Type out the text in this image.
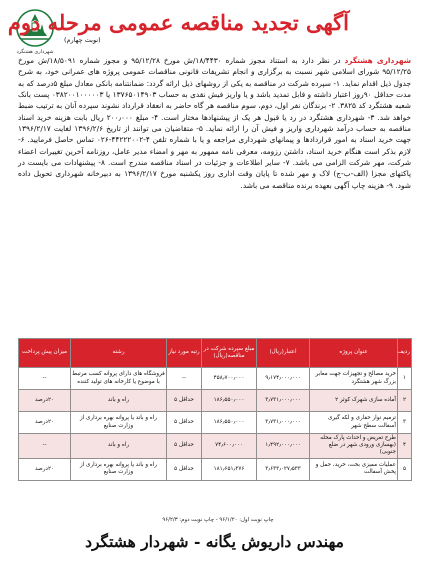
شهرداری هشتگرد
آگهی تجدید مناقصه عمومی مرحله دوم
(نوبت چهارم)

شهرداری هشتگرد در نظر دارد به استناد مجوز شماره ۱۸/۴۴۳۰/ش مورخ ۹۵/۱۲/۲۸ و مجوز شماره ۱۸/۵۰۹۱/ش مورخ ۹۵/۱۲/۲۵ شورای اسلامی شهر نسبت به برگزاری و انجام تشریفات قانونی مناقصات عمومی پروژه های عمرانی خود، به شرح جدول ذیل اقدام نماید. ۱- سپرده شرکت در مناقصه به یکی از روشهای ذیل ارائه گردد: ضمانتنامه بانکی معادل مبلغ ۵درصد که به مدت حداقل ۹۰روز اعتبار داشته و قابل تمدید باشد و یا واریز فیش نقدی به حساب ۱۳۷۶۵۰۱۴۹۰۳ یا ۰۳۸۲۰۰۱۰۰۰۰۰۳ پست بانک شعبه هشتگرد کد ۳۸۲۵. ۲- برندگان نفر اول، دوم، سوم مناقصه هر گاه حاضر به انعقاد قرارداد نشوند سپرده آنان به ترتیب ضبط خواهد شد. ۳- شهرداری هشتگرد در رد یا قبول هر یک از پیشنهادها مختار است. ۴- مبلغ ۲۰۰٫۰۰۰ ریال بابت هزینه خرید اسناد مناقصه به حساب درآمد شهرداری واریز و فیش آن را ارائه نماید. ۵- متقاضیان می توانند از تاریخ ۱۳۹۶/۲/۶ لغایت ۱۳۹۶/۲/۱۷ جهت خرید اسناد به امور قراردادها و پیمانهای شهرداری مراجعه و یا با شماره تلفن ۴-۴۴۲۲۲۰۰۲-۰۲۶ تماس حاصل فرمایید. ۶- لازم بذکر است هنگام خرید اسناد، داشتن رزومه، معرفی نامه ممهور به مهر و امضاء مدیر عامل، روزنامه آخرین تغییرات اعضاء شرکت، مهر شرکت الزامی می باشد. ۷- سایر اطلاعات و جزئیات در اسناد مناقصه مندرج است. ۸- پیشنهادات می بایست در پاکتهای مجزا (الف-ب-ج) لاک و مهر شده تا پایان وقت اداری روز یکشنبه مورخ ۱۳۹۶/۲/۱۷ به دبیرخانه شهرداری تحویل داده شود. ۹- هزینه چاپ آگهی بعهده برنده مناقصه می باشد.

ردیف	عنوان پروژه	اعتبار(ریال)	مبلغ سپرده شرکت در مناقصه(ریال)	رتبه مورد نیاز	رشته	میزان پیش پرداخت
۱	خرید مصالح و تجهیزات جهت معابر بزرگ شهر هشتگرد	۹٫۱۷۴٫۰۰۰٫۰۰۰	۴۵۸٫۷۰۰٫۰۰۰	--	فروشگاه های دارای پروانه کسب مرتبط با موضوع یا کارخانه های تولید کننده	--
۲	آماده سازی شهرک کوثر ۲	۳٫۷۳۱٫۰۰۰٫۰۰۰	۱۸۶٫۵۵۰٫۰۰۰	حداقل ۵	راه و باند	۲۰درصد
۳	ترمیم نوار حفاری و لکه گیری آسفالت سطح شهر	۳٫۷۳۱٫۰۰۰٫۰۰۰	۱۸۶٫۵۵۰٫۰۰۰	حداقل ۵	راه و باند یا پروانه بهره برداری از وزارت صنایع	۲۰درصد
۴	طرح تعریض و احداث پارک محله (بهسازی ورودی شهر در ضلع جنوبی)	۱٫۴۹۲٫۰۰۰٫۰۰۰	۷۴٫۶۰۰٫۰۰۰	حداقل ۵	راه و باند	--
۵	عملیات ممیزی بخت، خرید، حمل و پخش آسفالت	۳٫۶۳۳٫۰۲۷٫۵۳۳	۱۸۱٫۶۵۱٫۳۷۶	حداقل ۵	راه و باند یا پروانه بهره برداری از وزارت صنایع	۲۰درصد
چاپ نوبت اول: ۹۶/۱/۲۰ - چاپ نوبت دوم: ۹۶/۲/۳
مهندس داریوش یگانه - شهردار هشتگرد
